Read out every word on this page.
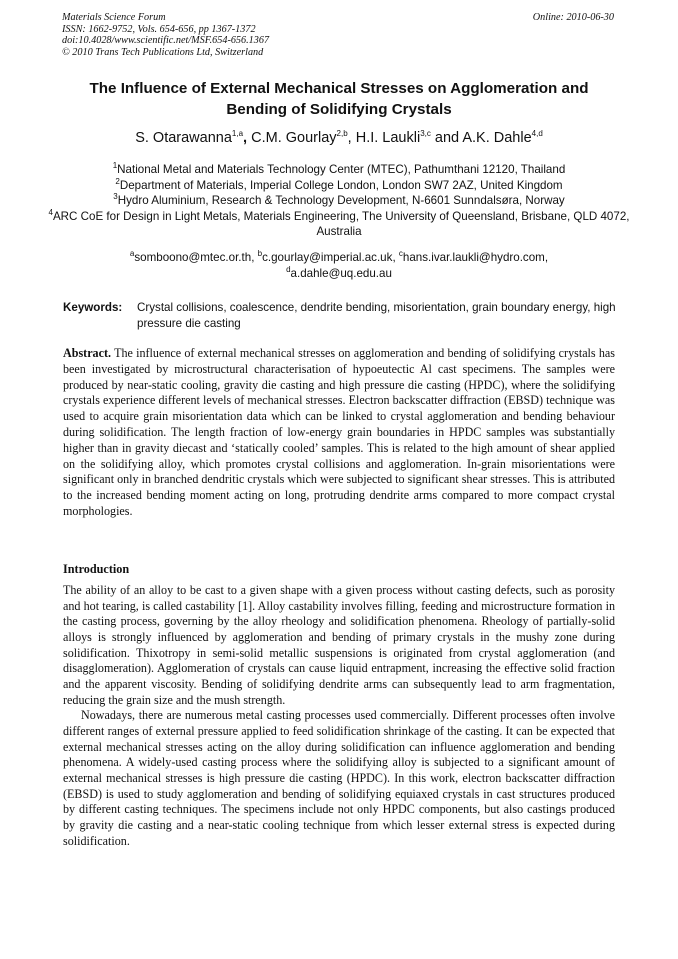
Materials Science Forum
ISSN: 1662-9752, Vols. 654-656, pp 1367-1372
doi:10.4028/www.scientific.net/MSF.654-656.1367
© 2010 Trans Tech Publications Ltd, Switzerland
Online: 2010-06-30
The Influence of External Mechanical Stresses on Agglomeration and Bending of Solidifying Crystals
S. Otarawanna$^{1,a}$, C.M. Gourlay$^{2,b}$, H.I. Laukli$^{3,c}$ and A.K. Dahle$^{4,d}$
$^1$National Metal and Materials Technology Center (MTEC), Pathumthani 12120, Thailand
$^2$Department of Materials, Imperial College London, London SW7 2AZ, United Kingdom
$^3$Hydro Aluminium, Research & Technology Development, N-6601 Sunndalsøra, Norway
$^4$ARC CoE for Design in Light Metals, Materials Engineering, The University of Queensland, Brisbane, QLD 4072, Australia
$^a$somboono@mtec.or.th, $^b$c.gourlay@imperial.ac.uk, $^c$hans.ivar.laukli@hydro.com,
$^d$a.dahle@uq.edu.au
Keywords:	Crystal collisions, coalescence, dendrite bending, misorientation, grain boundary energy, high pressure die casting
Abstract. The influence of external mechanical stresses on agglomeration and bending of solidifying crystals has been investigated by microstructural characterisation of hypoeutectic Al cast specimens. The samples were produced by near-static cooling, gravity die casting and high pressure die casting (HPDC), where the solidifying crystals experience different levels of mechanical stresses. Electron backscatter diffraction (EBSD) technique was used to acquire grain misorientation data which can be linked to crystal agglomeration and bending behaviour during solidification. The length fraction of low-energy grain boundaries in HPDC samples was substantially higher than in gravity diecast and ‘statically cooled’ samples. This is related to the high amount of shear applied on the solidifying alloy, which promotes crystal collisions and agglomeration. In-grain misorientations were significant only in branched dendritic crystals which were subjected to significant shear stresses. This is attributed to the increased bending moment acting on long, protruding dendrite arms compared to more compact crystal morphologies.
Introduction

The ability of an alloy to be cast to a given shape with a given process without casting defects, such as porosity and hot tearing, is called castability [1]. Alloy castability involves filling, feeding and microstructure formation in the casting process, governing by the alloy rheology and solidification phenomena. Rheology of partially-solid alloys is strongly influenced by agglomeration and bending of primary crystals in the mushy zone during solidification. Thixotropy in semi-solid metallic suspensions is originated from crystal agglomeration (and disagglomeration). Agglomeration of crystals can cause liquid entrapment, increasing the effective solid fraction and the apparent viscosity. Bending of solidifying dendrite arms can subsequently lead to arm fragmentation, reducing the grain size and the mush strength.

Nowadays, there are numerous metal casting processes used commercially. Different processes often involve different ranges of external pressure applied to feed solidification shrinkage of the casting. It can be expected that external mechanical stresses acting on the alloy during solidification can influence agglomeration and bending phenomena. A widely-used casting process where the solidifying alloy is subjected to a significant amount of external mechanical stresses is high pressure die casting (HPDC). In this work, electron backscatter diffraction (EBSD) is used to study agglomeration and bending of solidifying equiaxed crystals in cast structures produced by different casting techniques. The specimens include not only HPDC components, but also castings produced by gravity die casting and a near-static cooling technique from which lesser external stress is expected during solidification.
